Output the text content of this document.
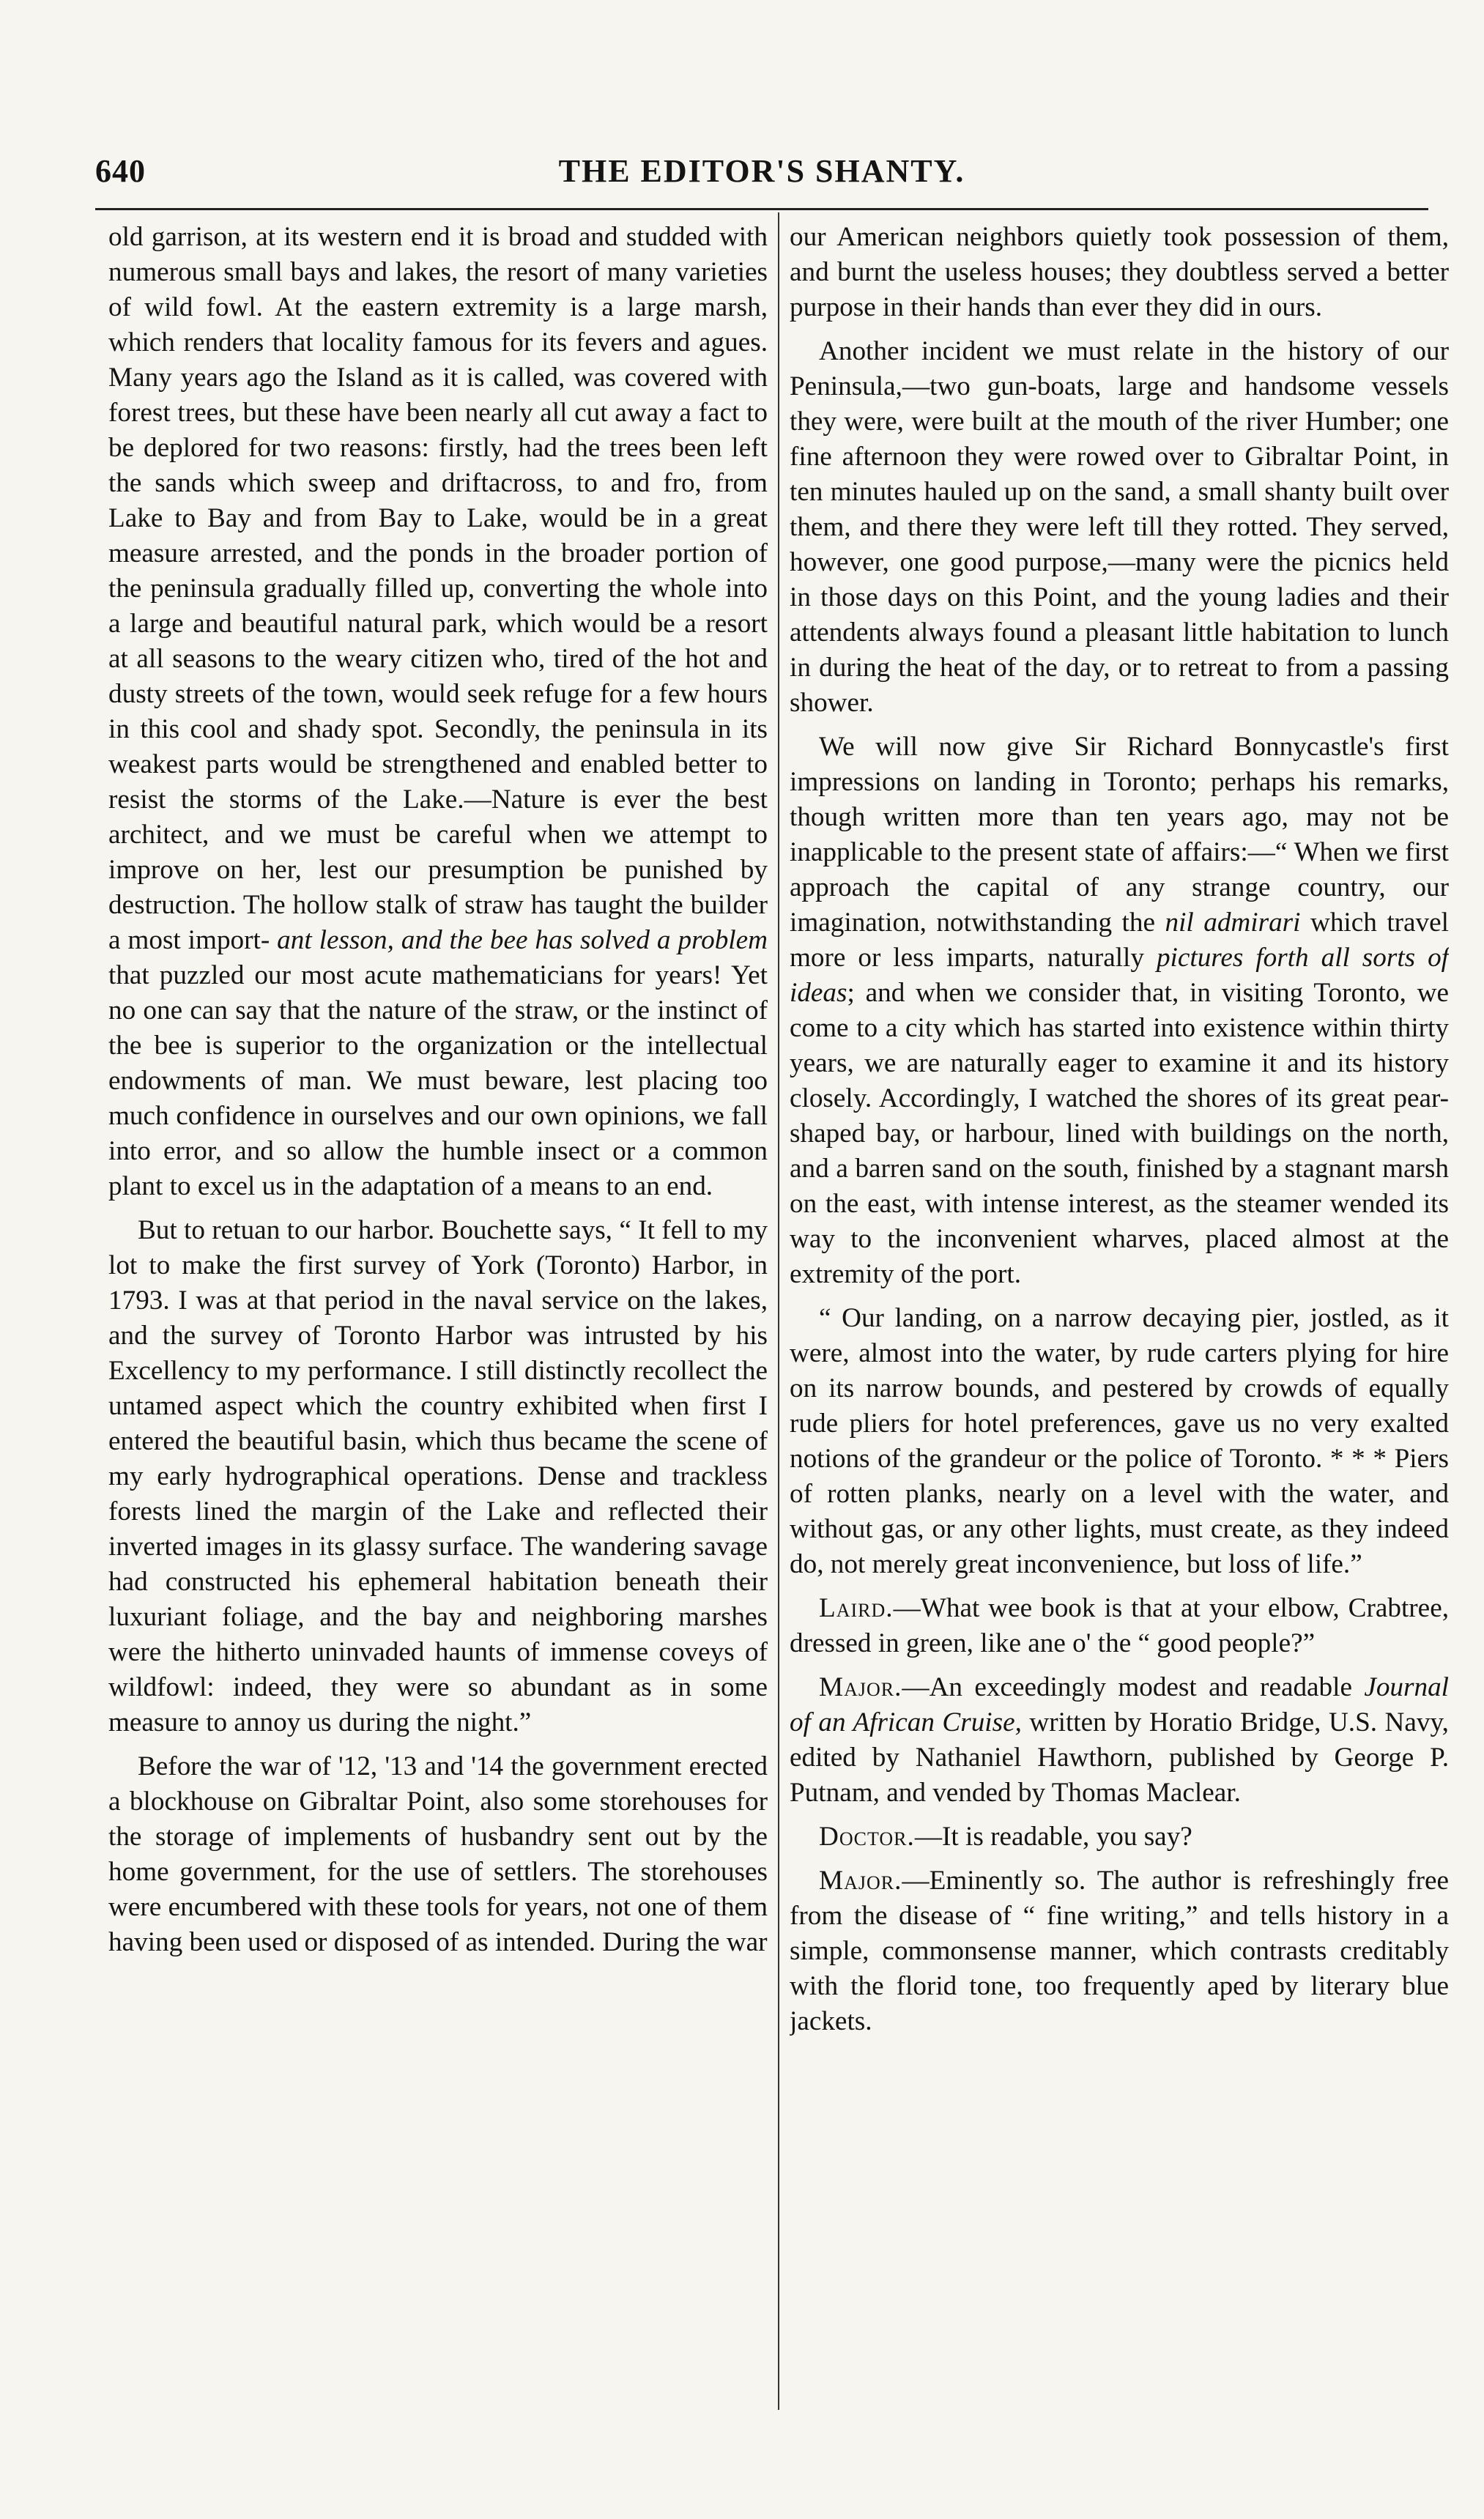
640	THE EDITOR'S SHANTY.

old garrison, at its western end it is broad and studded with numerous small bays and lakes, the resort of many varieties of wild fowl. At the eastern extremity is a large marsh, which renders that locality famous for its fevers and agues. Many years ago the Island as it is called, was covered with forest trees, but these have been nearly all cut away a fact to be deplored for two reasons: firstly, had the trees been left the sands which sweep and driftacross, to and fro, from Lake to Bay and from Bay to Lake, would be in a great measure arrested, and the ponds in the broader portion of the peninsula gradually filled up, converting the whole into a large and beautiful natural park, which would be a resort at all seasons to the weary citizen who, tired of the hot and dusty streets of the town, would seek refuge for a few hours in this cool and shady spot. Secondly, the peninsula in its weakest parts would be strengthened and enabled better to resist the storms of the Lake.—Nature is ever the best architect, and we must be careful when we attempt to improve on her, lest our presumption be punished by destruction. The hollow stalk of straw has taught the builder a most import- ant lesson, and the bee has solved a problem that puzzled our most acute mathematicians for years! Yet no one can say that the nature of the straw, or the instinct of the bee is superior to the organization or the intellectual endowments of man. We must beware, lest placing too much confidence in ourselves and our own opinions, we fall into error, and so allow the humble insect or a common plant to excel us in the adaptation of a means to an end.

But to retuan to our harbor. Bouchette says, “ It fell to my lot to make the first survey of York (Toronto) Harbor, in 1793. I was at that period in the naval service on the lakes, and the survey of Toronto Harbor was intrusted by his Excellency to my performance. I still distinctly recollect the untamed aspect which the country exhibited when first I entered the beautiful basin, which thus became the scene of my early hydrographical operations. Dense and trackless forests lined the margin of the Lake and reflected their inverted images in its glassy surface. The wandering savage had constructed his ephemeral habitation beneath their luxuriant foliage, and the bay and neighboring marshes were the hitherto uninvaded haunts of immense coveys of wildfowl: indeed, they were so abundant as in some measure to annoy us during the night.”

Before the war of '12, '13 and '14 the government erected a blockhouse on Gibraltar Point, also some storehouses for the storage of implements of husbandry sent out by the home government, for the use of settlers. The storehouses were encumbered with these tools for years, not one of them having been used or disposed of as intended. During the war

our American neighbors quietly took possession of them, and burnt the useless houses; they doubtless served a better purpose in their hands than ever they did in ours.

Another incident we must relate in the history of our Peninsula,—two gun-boats, large and handsome vessels they were, were built at the mouth of the river Humber; one fine afternoon they were rowed over to Gibraltar Point, in ten minutes hauled up on the sand, a small shanty built over them, and there they were left till they rotted. They served, however, one good purpose,—many were the picnics held in those days on this Point, and the young ladies and their attendents always found a pleasant little habitation to lunch in during the heat of the day, or to retreat to from a passing shower.

We will now give Sir Richard Bonnycastle's first impressions on landing in Toronto; perhaps his remarks, though written more than ten years ago, may not be inapplicable to the present state of affairs:—“ When we first approach the capital of any strange country, our imagination, notwithstanding the nil admirari which travel more or less imparts, naturally pictures forth all sorts of ideas; and when we consider that, in visiting Toronto, we come to a city which has started into existence within thirty years, we are naturally eager to examine it and its history closely. Accordingly, I watched the shores of its great pear-shaped bay, or harbour, lined with buildings on the north, and a barren sand on the south, finished by a stagnant marsh on the east, with intense interest, as the steamer wended its way to the inconvenient wharves, placed almost at the extremity of the port.

“ Our landing, on a narrow decaying pier, jostled, as it were, almost into the water, by rude carters plying for hire on its narrow bounds, and pestered by crowds of equally rude pliers for hotel preferences, gave us no very exalted notions of the grandeur or the police of Toronto. * * * Piers of rotten planks, nearly on a level with the water, and without gas, or any other lights, must create, as they indeed do, not merely great inconvenience, but loss of life.”

Laird.—What wee book is that at your elbow, Crabtree, dressed in green, like ane o' the “ good people?”

Major.—An exceedingly modest and readable Journal of an African Cruise, written by Horatio Bridge, U.S. Navy, edited by Nathaniel Hawthorn, published by George P. Putnam, and vended by Thomas Maclear.

Doctor.—It is readable, you say?

Major.—Eminently so. The author is refreshingly free from the disease of “ fine writing,” and tells history in a simple, commonsense manner, which contrasts creditably with the florid tone, too frequently aped by literary blue jackets.
